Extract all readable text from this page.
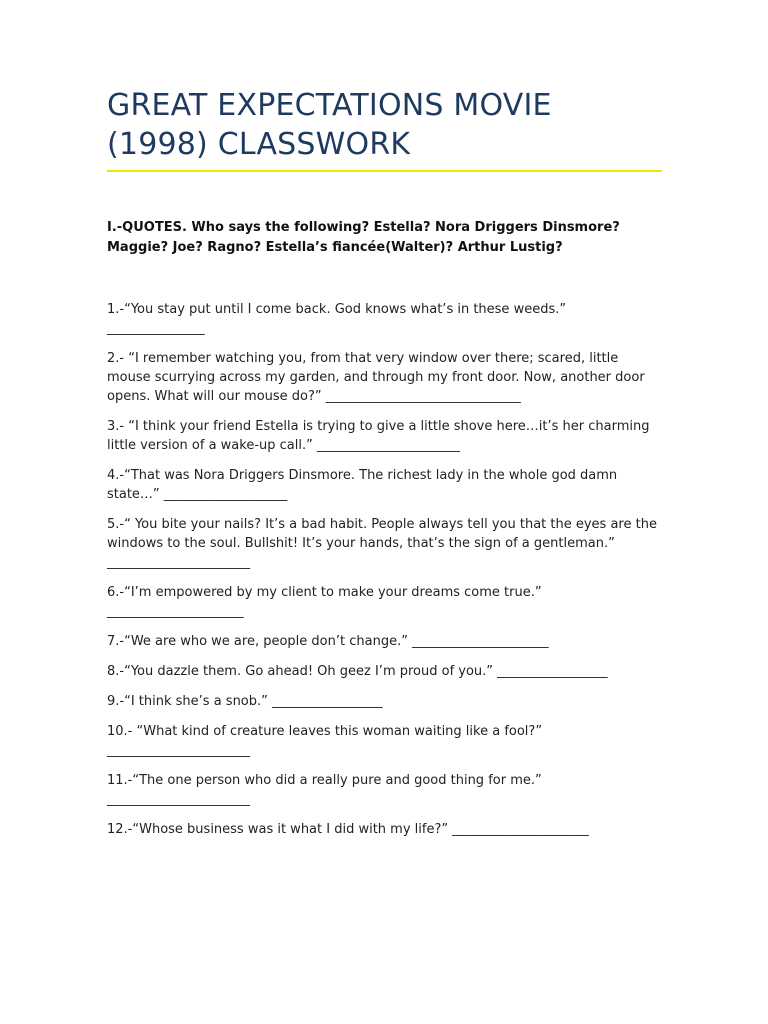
GREAT EXPECTATIONS MOVIE (1998) CLASSWORK

I.-QUOTES. Who says the following? Estella? Nora Driggers Dinsmore? Maggie? Joe? Ragno? Estella’s fiancée(Walter)? Arthur Lustig?

1.-“You stay put until I come back. God knows what’s in these weeds.” _______________
2.- “I remember watching you, from that very window over there; scared, little mouse scurrying across my garden, and through my front door. Now, another door opens. What will our mouse do?” ______________________________
3.- “I think your friend Estella is trying to give a little shove here…it’s her charming little version of a wake-up call.” ______________________
4.-“That was Nora Driggers Dinsmore. The richest lady in the whole god damn state…” ___________________
5.-“ You bite your nails? It’s a bad habit. People always tell you that the eyes are the windows to the soul. Bullshit! It’s your hands, that’s the sign of a gentleman.” ______________________
6.-“I’m empowered by my client to make your dreams come true.” _____________________
7.-“We are who we are, people don’t change.” _____________________
8.-“You dazzle them. Go ahead! Oh geez I’m proud of you.” _________________
9.-“I think she’s a snob.” _________________
10.- “What kind of creature leaves this woman waiting like a fool?” ______________________
11.-“The one person who did a really pure and good thing for me.” ______________________
12.-“Whose business was it what I did with my life?” _____________________
